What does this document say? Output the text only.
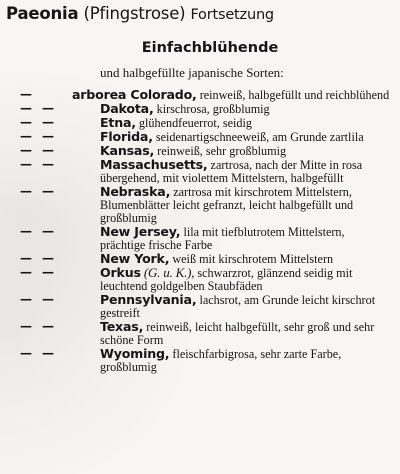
Paeonia (Pfingstrose) Fortsetzung
Einfachblühende
und halbgefüllte japanische Sorten:
—	arborea Colorado, reinweiß, halbgefüllt und reichblühend
— —	Dakota, kirschrosa, großblumig
— —	Etna, glühendfeuerrot, seidig
— —	Florida, seidenartigschneeweiß, am Grunde zartlila
— —	Kansas, reinweiß, sehr großblumig
— —	Massachusetts, zartrosa, nach der Mitte in rosa übergehend, mit violettem Mittelstern, halbgefüllt
— —	Nebraska, zartrosa mit kirschrotem Mittelstern, Blumenblätter leicht gefranzt, leicht halbgefüllt und großblumig
— —	New Jersey, lila mit tiefblutrotem Mittelstern, prächtige frische Farbe
— —	New York, weiß mit kirschrotem Mittelstern
— —	Orkus (G. u. K.), schwarzrot, glänzend seidig mit leuchtend goldgelben Staubfäden
— —	Pennsylvania, lachsrot, am Grunde leicht kirschrot gestreift
— —	Texas, reinweiß, leicht halbgefüllt, sehr groß und sehr schöne Form
— —	Wyoming, fleischfarbigrosa, sehr zarte Farbe, großblumig
